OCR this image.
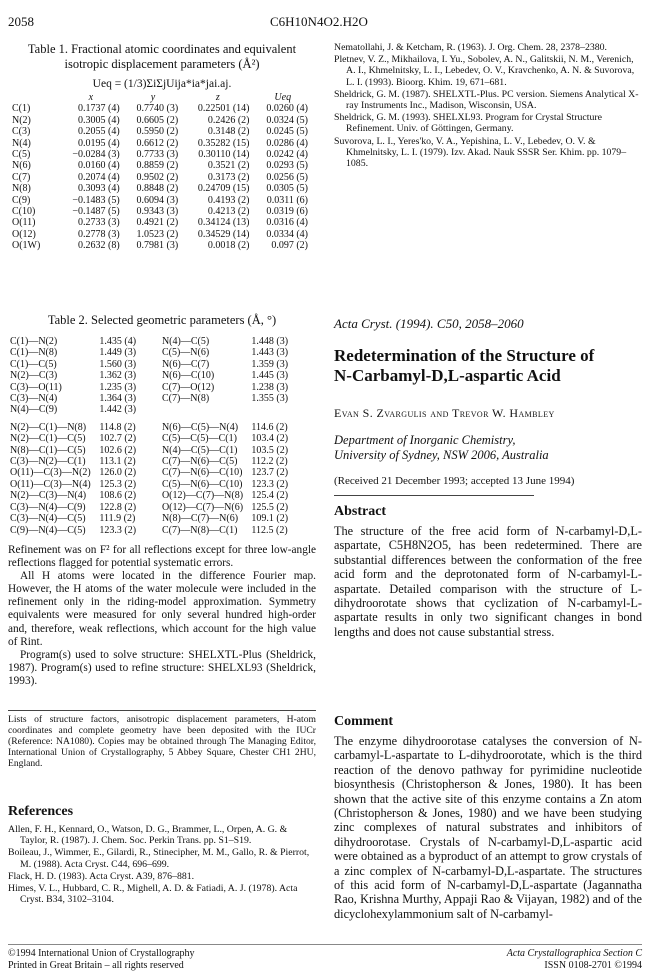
2058	C6H10N4O2.H2O
Table 1. Fractional atomic coordinates and equivalent
isotropic displacement parameters (Å²)
Ueq = (1/3)ΣiΣjUija*ia*jai.aj.
	x	y	z	Ueq
C(1)	0.1737 (4)	0.7740 (3)	0.22501 (14)	0.0260 (4)
N(2)	0.3005 (4)	0.6605 (2)	0.2426 (2)	0.0324 (5)
C(3)	0.2055 (4)	0.5950 (2)	0.3148 (2)	0.0245 (5)
N(4)	0.0195 (4)	0.6612 (2)	0.35282 (15)	0.0286 (4)
C(5)	−0.0284 (3)	0.7733 (3)	0.30110 (14)	0.0242 (4)
N(6)	0.0160 (4)	0.8859 (2)	0.3521 (2)	0.0293 (5)
C(7)	0.2074 (4)	0.9502 (2)	0.3173 (2)	0.0256 (5)
N(8)	0.3093 (4)	0.8848 (2)	0.24709 (15)	0.0305 (5)
C(9)	−0.1483 (5)	0.6094 (3)	0.4193 (2)	0.0311 (6)
C(10)	−0.1487 (5)	0.9343 (3)	0.4213 (2)	0.0319 (6)
O(11)	0.2733 (3)	0.4921 (2)	0.34124 (13)	0.0316 (4)
O(12)	0.2778 (3)	1.0523 (2)	0.34529 (14)	0.0334 (4)
O(1W)	0.2632 (8)	0.7981 (3)	0.0018 (2)	0.097 (2)
Table 2. Selected geometric parameters (Å, °)
C(1)—N(2)	1.435 (4)	N(4)—C(5)	1.448 (3)
C(1)—N(8)	1.449 (3)	C(5)—N(6)	1.443 (3)
C(1)—C(5)	1.560 (3)	N(6)—C(7)	1.359 (3)
N(2)—C(3)	1.362 (3)	N(6)—C(10)	1.445 (3)
C(3)—O(11)	1.235 (3)	C(7)—O(12)	1.238 (3)
C(3)—N(4)	1.364 (3)	C(7)—N(8)	1.355 (3)
N(4)—C(9)	1.442 (3)		

N(2)—C(1)—N(8)	114.8 (2)	N(6)—C(5)—N(4)	114.6 (2)
N(2)—C(1)—C(5)	102.7 (2)	C(5)—C(5)—C(1)	103.4 (2)
N(8)—C(1)—C(5)	102.6 (2)	N(4)—C(5)—C(1)	103.5 (2)
C(3)—N(2)—C(1)	113.1 (2)	C(7)—N(6)—C(5)	112.2 (2)
O(11)—C(3)—N(2)	126.0 (2)	C(7)—N(6)—C(10)	123.7 (2)
O(11)—C(3)—N(4)	125.3 (2)	C(5)—N(6)—C(10)	123.3 (2)
N(2)—C(3)—N(4)	108.6 (2)	O(12)—C(7)—N(8)	125.4 (2)
C(3)—N(4)—C(9)	122.8 (2)	O(12)—C(7)—N(6)	125.5 (2)
C(3)—N(4)—C(5)	111.9 (2)	N(8)—C(7)—N(6)	109.1 (2)
C(9)—N(4)—C(5)	123.3 (2)	C(7)—N(8)—C(1)	112.5 (2)

Refinement was on F² for all reflections except for three low-angle reflections flagged for potential systematic errors.

All H atoms were located in the difference Fourier map. However, the H atoms of the water molecule were included in the refinement only in the riding-model approximation. Symmetry equivalents were measured for only several hundred high-order and, therefore, weak reflections, which account for the high value of Rint.

Program(s) used to solve structure: SHELXTL-Plus (Sheldrick, 1987). Program(s) used to refine structure: SHELXL93 (Sheldrick, 1993).

Lists of structure factors, anisotropic displacement parameters, H-atom coordinates and complete geometry have been deposited with the IUCr (Reference: NA1080). Copies may be obtained through The Managing Editor, International Union of Crystallography, 5 Abbey Square, Chester CH1 2HU, England.
References
Allen, F. H., Kennard, O., Watson, D. G., Brammer, L., Orpen, A. G. & Taylor, R. (1987). J. Chem. Soc. Perkin Trans. pp. S1–S19.
Boileau, J., Wimmer, E., Gilardi, R., Stinecipher, M. M., Gallo, R. & Pierrot, M. (1988). Acta Cryst. C44, 696–699.
Flack, H. D. (1983). Acta Cryst. A39, 876–881.
Himes, V. L., Hubbard, C. R., Mighell, A. D. & Fatiadi, A. J. (1978). Acta Cryst. B34, 3102–3104.
©1994 International Union of Crystallography
Printed in Great Britain – all rights reserved
Nematollahi, J. & Ketcham, R. (1963). J. Org. Chem. 28, 2378–2380.
Pletnev, V. Z., Mikhailova, I. Yu., Sobolev, A. N., Galitskii, N. M., Verenich, A. I., Khmelnitsky, L. I., Lebedev, O. V., Kravchenko, A. N. & Suvorova, L. I. (1993). Bioorg. Khim. 19, 671–681.
Sheldrick, G. M. (1987). SHELXTL-Plus. PC version. Siemens Analytical X-ray Instruments Inc., Madison, Wisconsin, USA.
Sheldrick, G. M. (1993). SHELXL93. Program for Crystal Structure Refinement. Univ. of Göttingen, Germany.
Suvorova, L. I., Yeres'ko, V. A., Yepishina, L. V., Lebedev, O. V. & Khmelnitsky, L. I. (1979). Izv. Akad. Nauk SSSR Ser. Khim. pp. 1079–1085.
Acta Cryst. (1994). C50, 2058–2060
Redetermination of the Structure of
N-Carbamyl-D,L-aspartic Acid
Evan S. Zvargulis and Trevor W. Hambley
Department of Inorganic Chemistry,
University of Sydney, NSW 2006, Australia
(Received 21 December 1993; accepted 13 June 1994)
Abstract

The structure of the free acid form of N-carbamyl-D,L-aspartate, C5H8N2O5, has been redetermined. There are substantial differences between the conformation of the free acid form and the deprotonated form of N-carbamyl-L-aspartate. Detailed comparison with the structure of L-dihydroorotate shows that cyclization of N-carbamyl-L-aspartate results in only two significant changes in bond lengths and does not cause substantial stress.

Comment

The enzyme dihydroorotase catalyses the conversion of N-carbamyl-L-aspartate to L-dihydroorotate, which is the third reaction of the denovo pathway for pyrimidine nucleotide biosynthesis (Christopherson & Jones, 1980). It has been shown that the active site of this enzyme contains a Zn atom (Christopherson & Jones, 1980) and we have been studying zinc complexes of natural substrates and inhibitors of dihydroorotase. Crystals of N-carbamyl-D,L-aspartic acid were obtained as a byproduct of an attempt to grow crystals of a zinc complex of N-carbamyl-D,L-aspartate. The structures of this acid form of N-carbamyl-D,L-aspartate (Jagannatha Rao, Krishna Murthy, Appaji Rao & Vijayan, 1982) and of the dicyclohexylammonium salt of N-carbamyl-

Acta Crystallographica Section C
ISSN 0108-2701 ©1994
